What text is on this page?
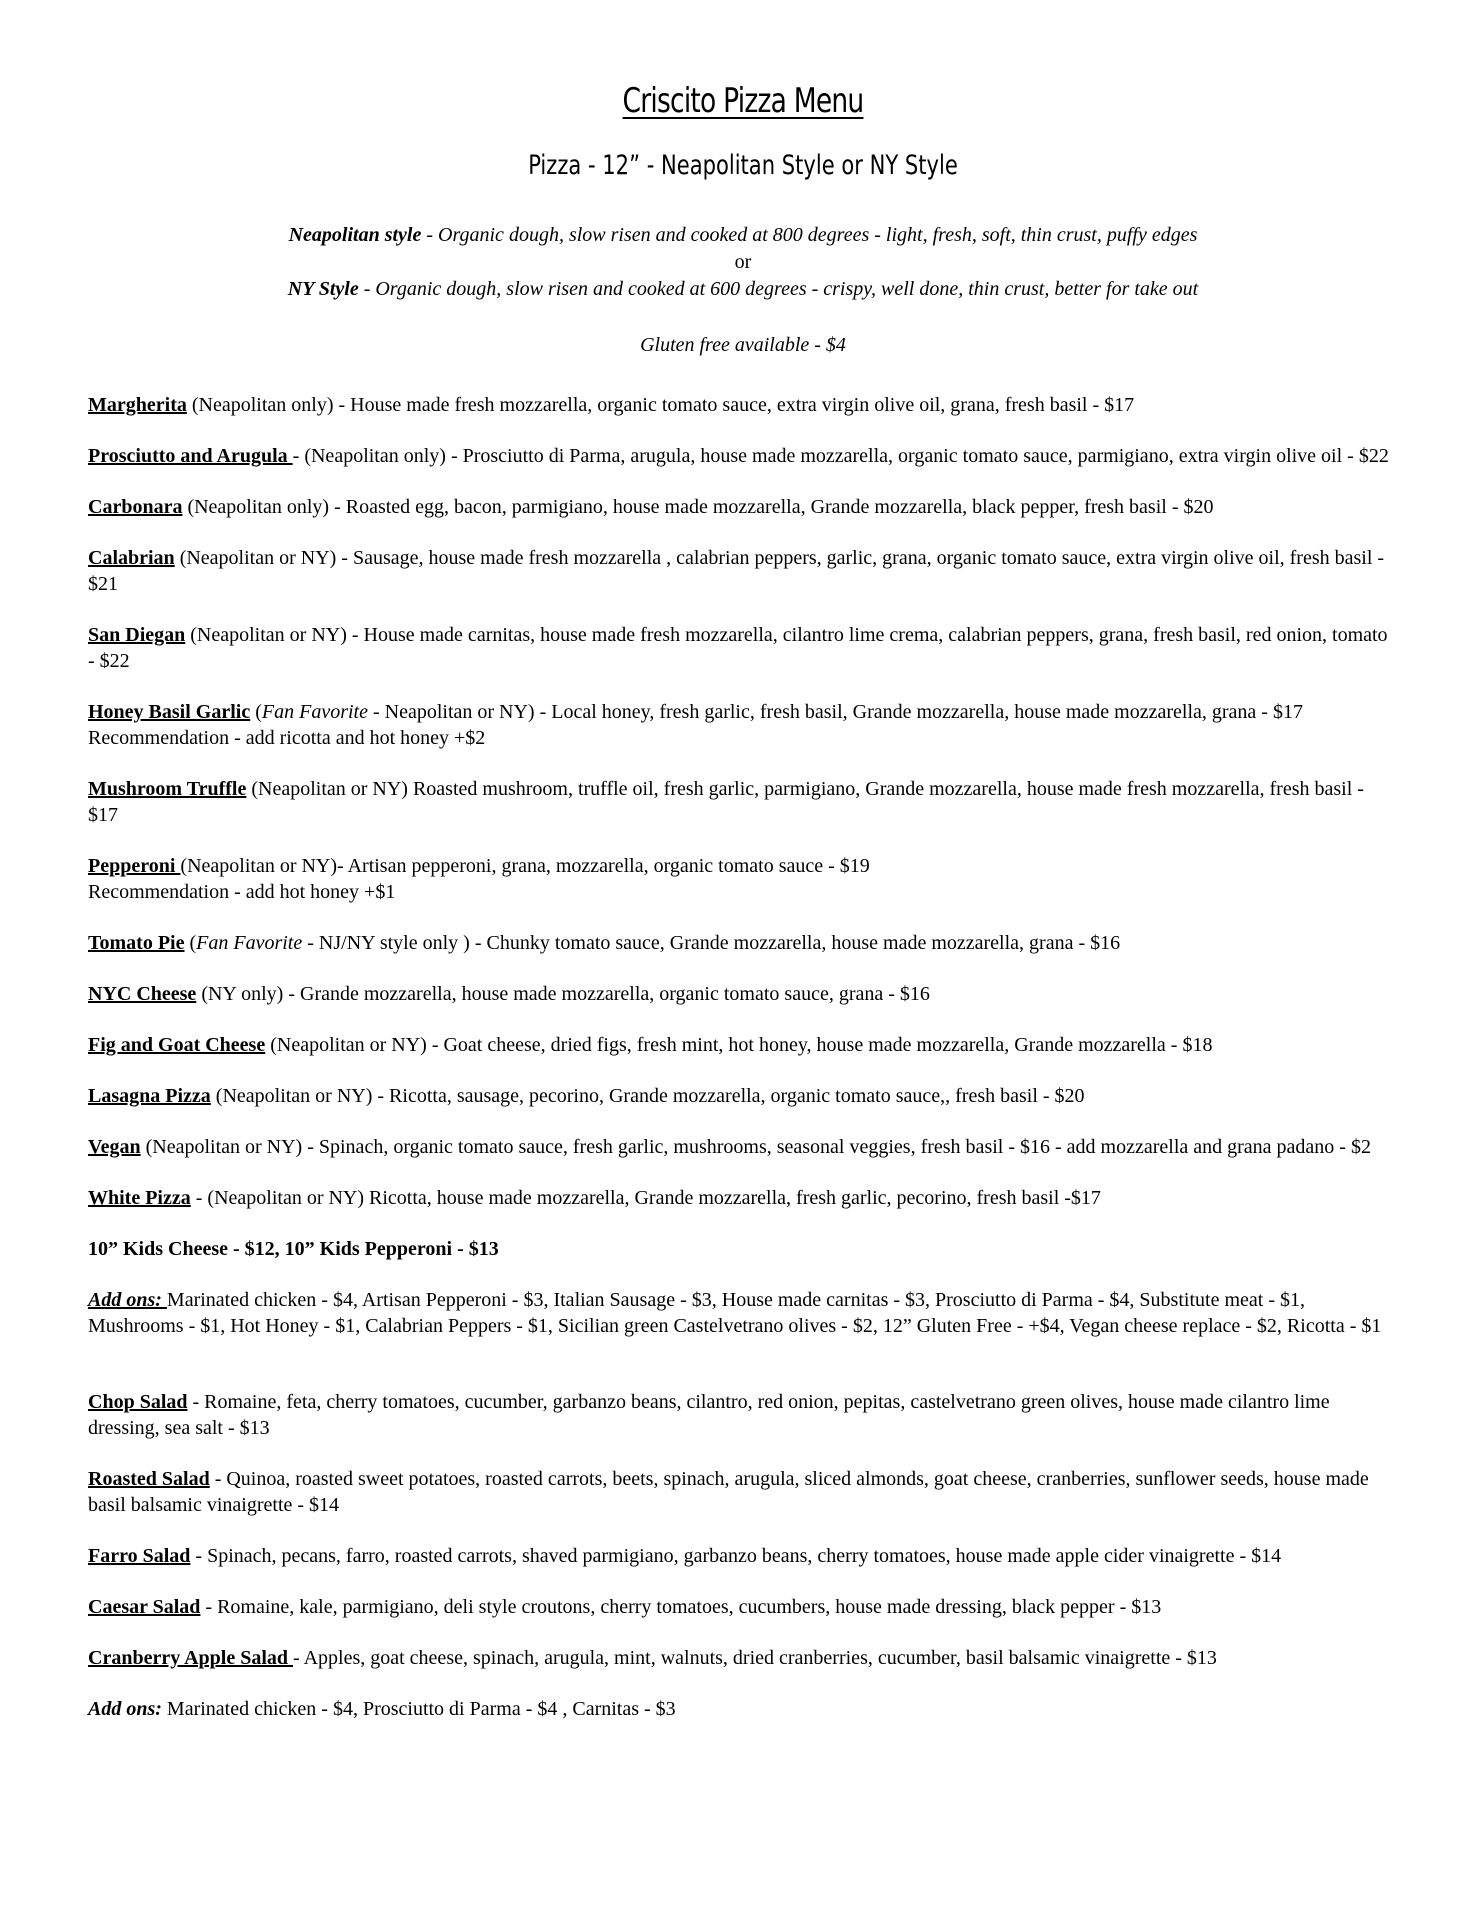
Criscito Pizza Menu
Pizza - 12” - Neapolitan Style or NY Style
Neapolitan style - Organic dough, slow risen and cooked at 800 degrees - light, fresh, soft, thin crust, puffy edges
or
NY Style - Organic dough, slow risen and cooked at 600 degrees - crispy, well done, thin crust, better for take out
Gluten free available - $4
Margherita (Neapolitan only) - House made fresh mozzarella, organic tomato sauce, extra virgin olive oil, grana, fresh basil - $17
Prosciutto and Arugula - (Neapolitan only) - Prosciutto di Parma, arugula, house made mozzarella, organic tomato sauce, parmigiano, extra virgin olive oil - $22
Carbonara (Neapolitan only) - Roasted egg, bacon, parmigiano, house made mozzarella, Grande mozzarella, black pepper, fresh basil - $20
Calabrian (Neapolitan or NY) - Sausage, house made fresh mozzarella , calabrian peppers, garlic, grana, organic tomato sauce, extra virgin olive oil, fresh basil - $21
San Diegan (Neapolitan or NY) - House made carnitas, house made fresh mozzarella, cilantro lime crema, calabrian peppers, grana, fresh basil, red onion, tomato - $22
Honey Basil Garlic (Fan Favorite - Neapolitan or NY) - Local honey, fresh garlic, fresh basil, Grande mozzarella, house made mozzarella, grana - $17 Recommendation - add ricotta and hot honey +$2
Mushroom Truffle (Neapolitan or NY) Roasted mushroom, truffle oil, fresh garlic, parmigiano, Grande mozzarella, house made fresh mozzarella, fresh basil - $17
Pepperoni (Neapolitan or NY)- Artisan pepperoni, grana, mozzarella, organic tomato sauce - $19
Recommendation - add hot honey +$1
Tomato Pie (Fan Favorite - NJ/NY style only ) - Chunky tomato sauce, Grande mozzarella, house made mozzarella, grana - $16
NYC Cheese (NY only) - Grande mozzarella, house made mozzarella, organic tomato sauce, grana - $16
Fig and Goat Cheese (Neapolitan or NY) - Goat cheese, dried figs, fresh mint, hot honey, house made mozzarella, Grande mozzarella - $18
Lasagna Pizza (Neapolitan or NY) - Ricotta, sausage, pecorino, Grande mozzarella, organic tomato sauce,, fresh basil - $20
Vegan (Neapolitan or NY) - Spinach, organic tomato sauce, fresh garlic, mushrooms, seasonal veggies, fresh basil - $16 - add mozzarella and grana padano - $2
White Pizza - (Neapolitan or NY) Ricotta, house made mozzarella, Grande mozzarella, fresh garlic, pecorino, fresh basil -$17
10” Kids Cheese - $12, 10” Kids Pepperoni - $13
Add ons: Marinated chicken - $4, Artisan Pepperoni - $3, Italian Sausage - $3, House made carnitas - $3, Prosciutto di Parma - $4, Substitute meat - $1, Mushrooms - $1, Hot Honey - $1, Calabrian Peppers - $1, Sicilian green Castelvetrano olives - $2, 12” Gluten Free - +$4, Vegan cheese replace - $2, Ricotta - $1
Chop Salad - Romaine, feta, cherry tomatoes, cucumber, garbanzo beans, cilantro, red onion, pepitas, castelvetrano green olives, house made cilantro lime dressing, sea salt - $13
Roasted Salad - Quinoa, roasted sweet potatoes, roasted carrots, beets, spinach, arugula, sliced almonds, goat cheese, cranberries, sunflower seeds, house made basil balsamic vinaigrette - $14
Farro Salad - Spinach, pecans, farro, roasted carrots, shaved parmigiano, garbanzo beans, cherry tomatoes, house made apple cider vinaigrette - $14
Caesar Salad - Romaine, kale, parmigiano, deli style croutons, cherry tomatoes, cucumbers, house made dressing, black pepper - $13
Cranberry Apple Salad - Apples, goat cheese, spinach, arugula, mint, walnuts, dried cranberries, cucumber, basil balsamic vinaigrette - $13
Add ons: Marinated chicken - $4, Prosciutto di Parma - $4 , Carnitas - $3
